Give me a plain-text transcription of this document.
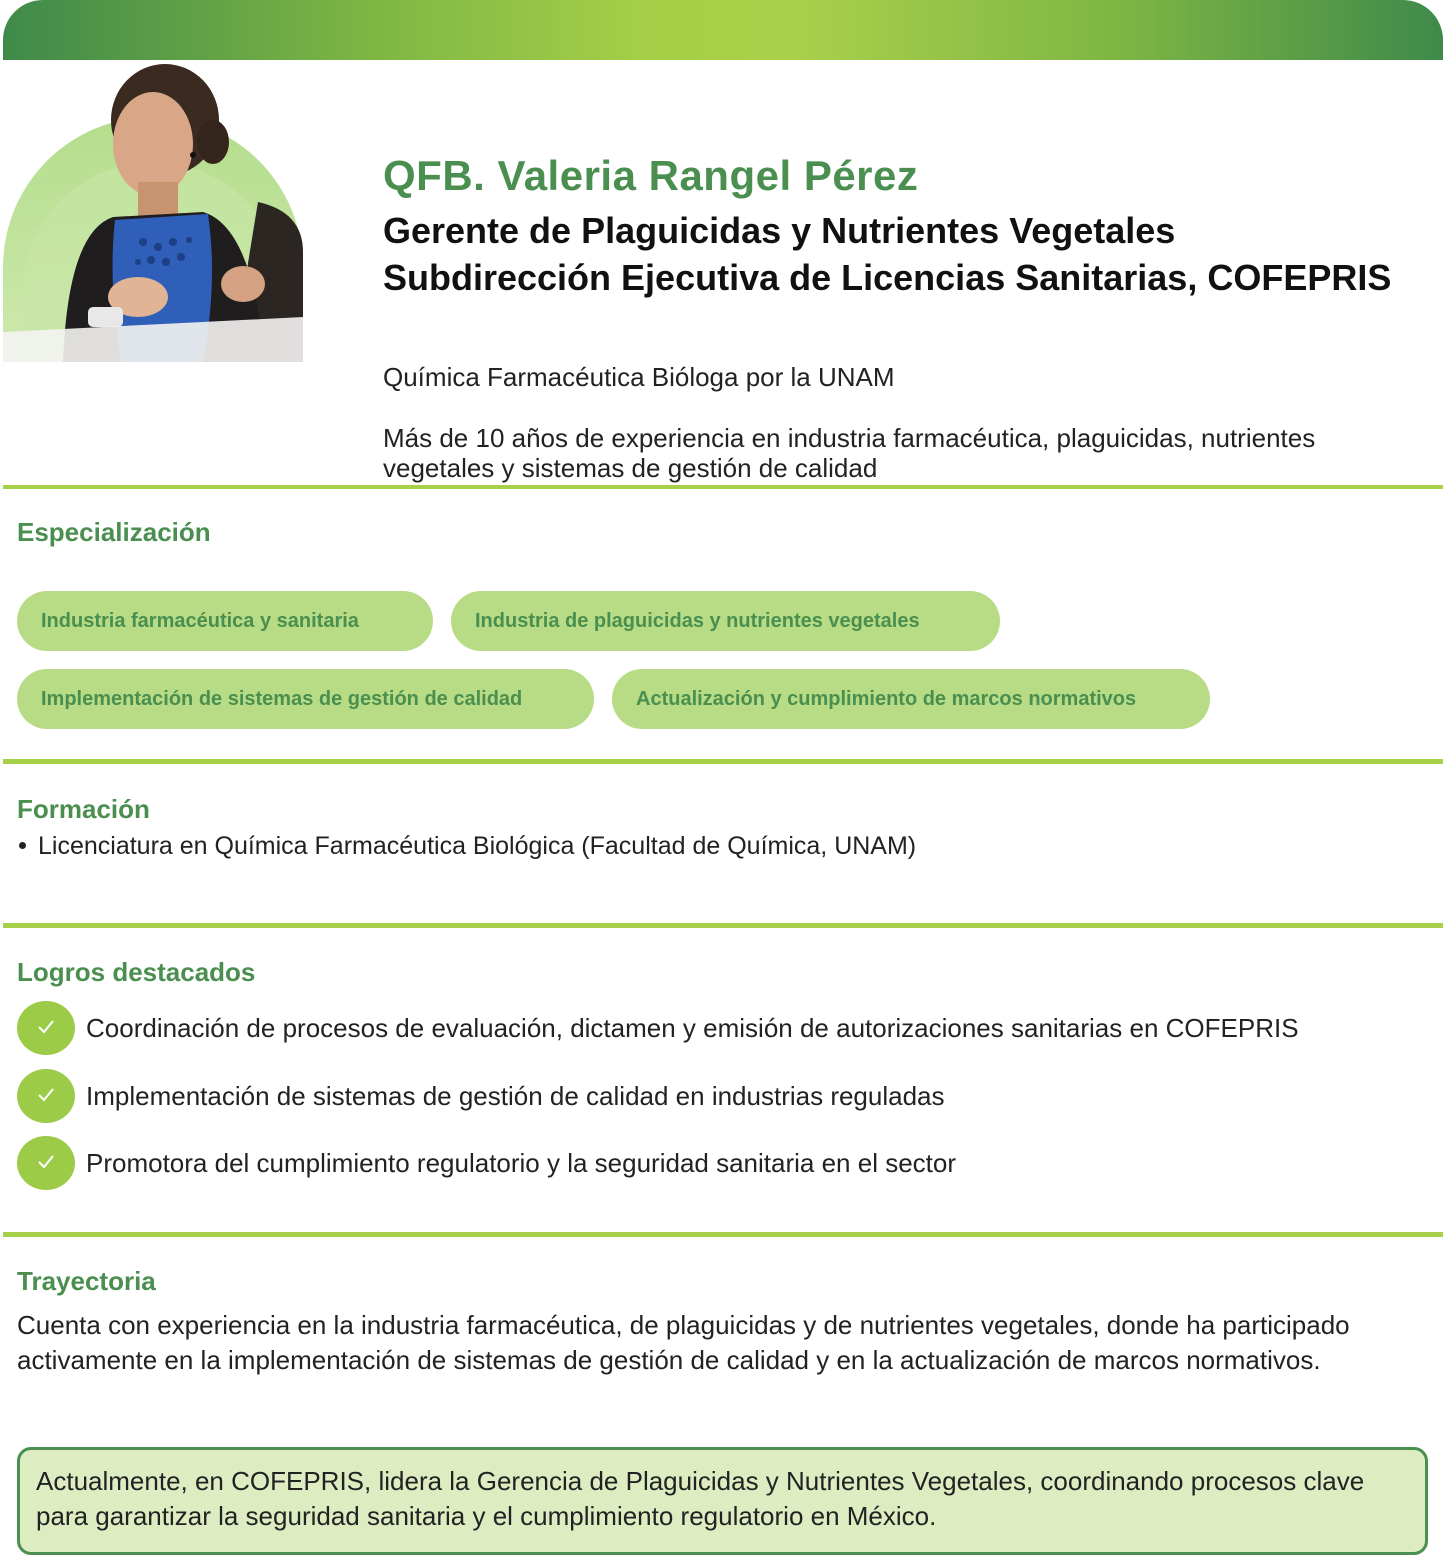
QFB. Valeria Rangel Pérez
Gerente de Plaguicidas y Nutrientes Vegetales
Subdirección Ejecutiva de Licencias Sanitarias, COFEPRIS
Química Farmacéutica Bióloga por la UNAM
Más de 10 años de experiencia en industria farmacéutica, plaguicidas, nutrientes vegetales y sistemas de gestión de calidad
Especialización
Industria farmacéutica y sanitaria	Industria de plaguicidas y nutrientes vegetales
Implementación de sistemas de gestión de calidad	Actualización y cumplimiento de marcos normativos
Formación
Licenciatura en Química Farmacéutica Biológica (Facultad de Química, UNAM)
Logros destacados
Coordinación de procesos de evaluación, dictamen y emisión de autorizaciones sanitarias en COFEPRIS
Implementación de sistemas de gestión de calidad en industrias reguladas
Promotora del cumplimiento regulatorio y la seguridad sanitaria en el sector
Trayectoria
Cuenta con experiencia en la industria farmacéutica, de plaguicidas y de nutrientes vegetales, donde ha participado activamente en la implementación de sistemas de gestión de calidad y en la actualización de marcos normativos.
Actualmente, en COFEPRIS, lidera la Gerencia de Plaguicidas y Nutrientes Vegetales, coordinando procesos clave para garantizar la seguridad sanitaria y el cumplimiento regulatorio en México.
